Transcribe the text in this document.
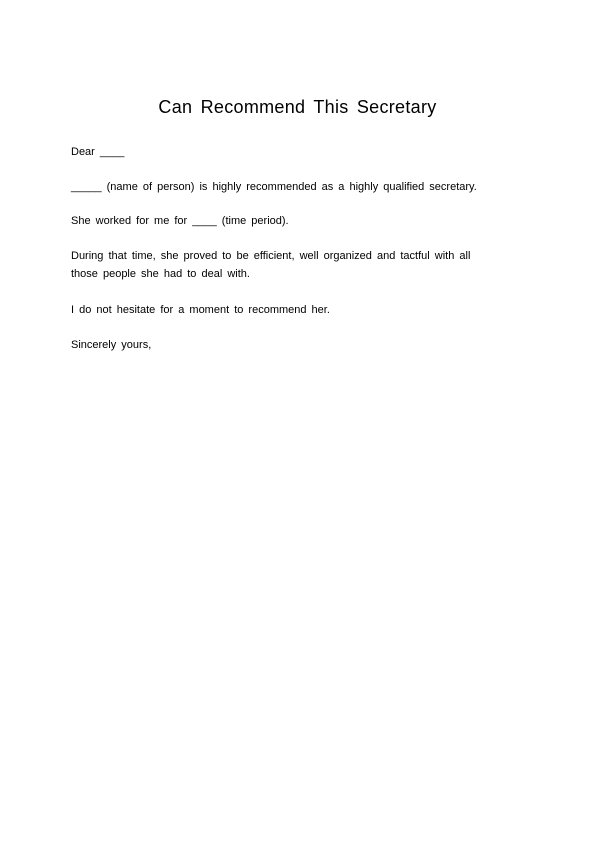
Can Recommend This Secretary
Dear ____
_____ (name of person) is highly recommended as a highly qualified secretary.
She worked for me for ____ (time period).
During that time, she proved to be efficient, well organized and tactful with all
those people she had to deal with.
I do not hesitate for a moment to recommend her.
Sincerely yours,
